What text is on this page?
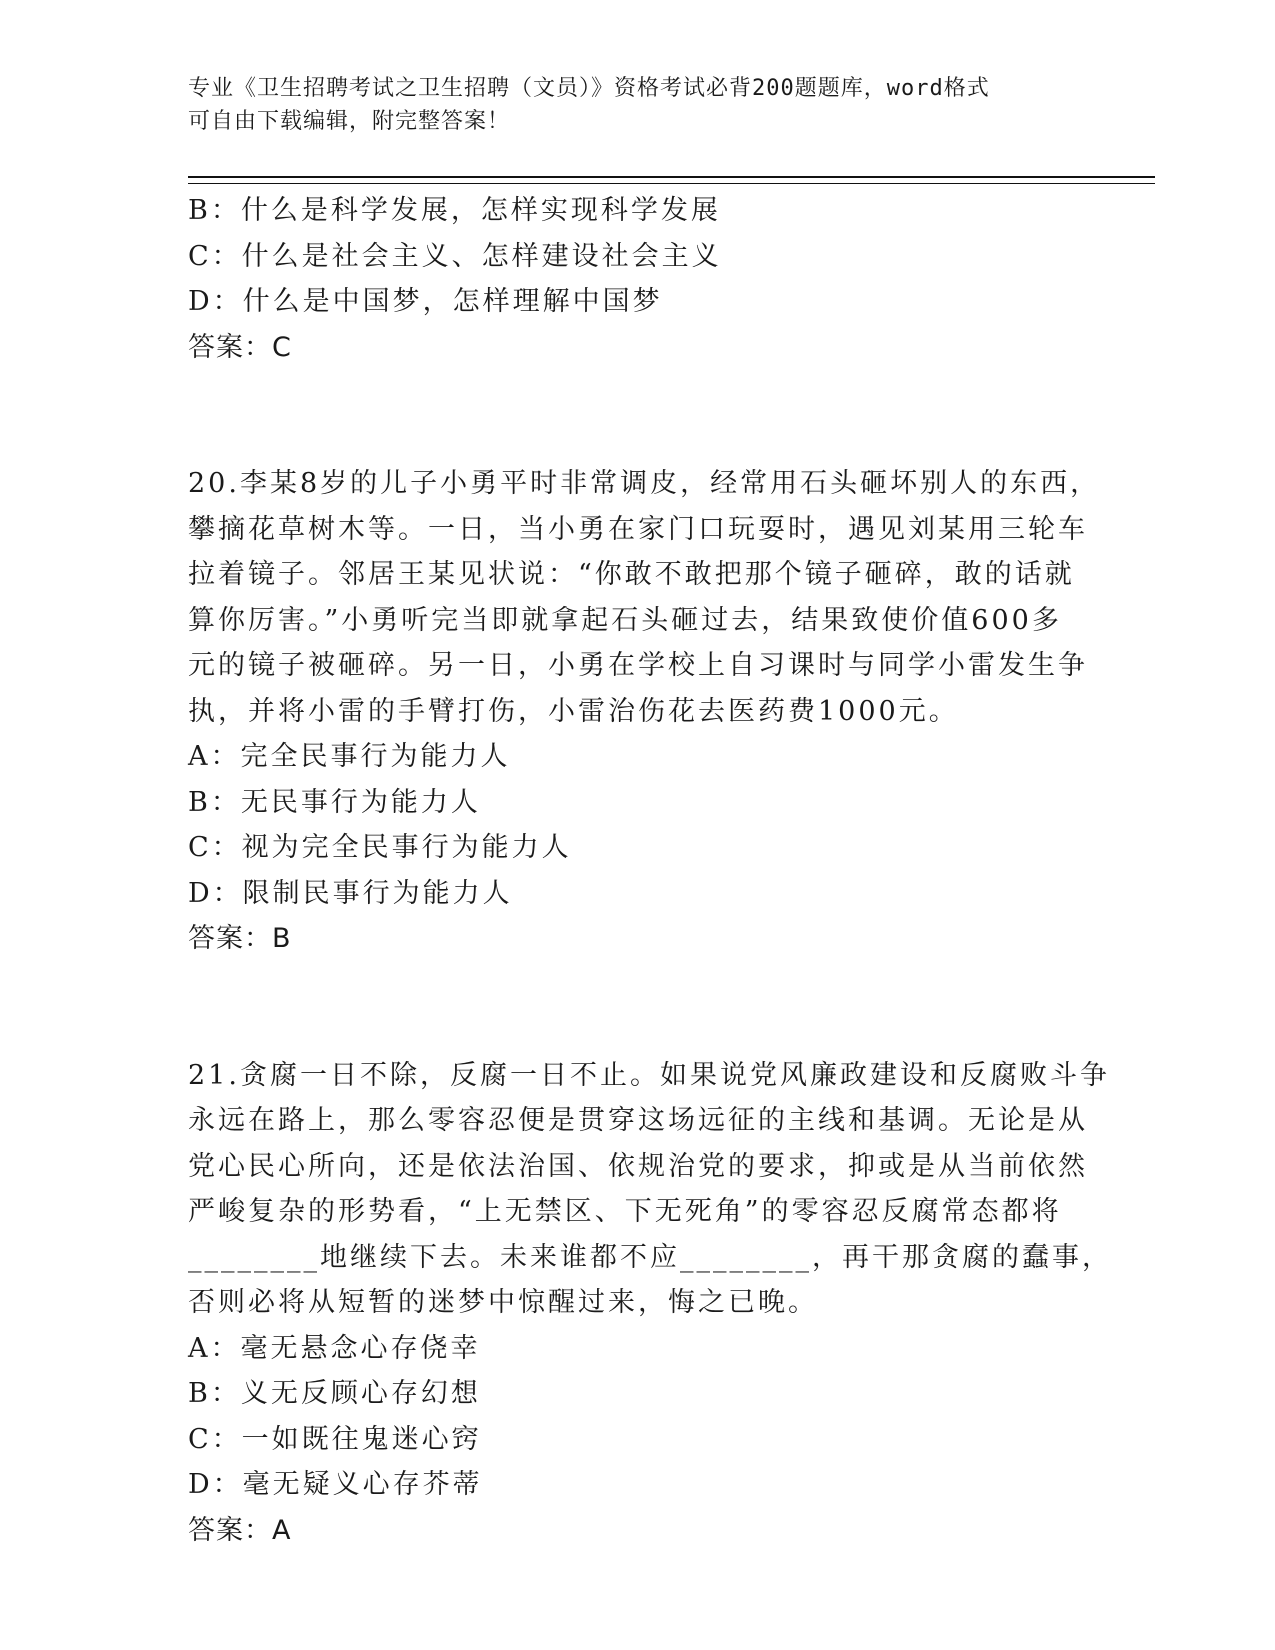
专业《卫生招聘考试之卫生招聘（文员）》资格考试必背200题题库，word格式
可自由下载编辑，附完整答案！
B：什么是科学发展，怎样实现科学发展
C：什么是社会主义、怎样建设社会主义
D：什么是中国梦，怎样理解中国梦
答案：C
20.李某8岁的儿子小勇平时非常调皮，经常用石头砸坏别人的东西，
攀摘花草树木等。一日，当小勇在家门口玩耍时，遇见刘某用三轮车
拉着镜子。邻居王某见状说：“你敢不敢把那个镜子砸碎，敢的话就
算你厉害。”小勇听完当即就拿起石头砸过去，结果致使价值600多
元的镜子被砸碎。另一日，小勇在学校上自习课时与同学小雷发生争
执，并将小雷的手臂打伤，小雷治伤花去医药费1000元。
A：完全民事行为能力人
B：无民事行为能力人
C：视为完全民事行为能力人
D：限制民事行为能力人
答案：B
21.贪腐一日不除，反腐一日不止。如果说党风廉政建设和反腐败斗争
永远在路上，那么零容忍便是贯穿这场远征的主线和基调。无论是从
党心民心所向，还是依法治国、依规治党的要求，抑或是从当前依然
严峻复杂的形势看，“上无禁区、下无死角”的零容忍反腐常态都将
________地继续下去。未来谁都不应________，再干那贪腐的蠢事，
否则必将从短暂的迷梦中惊醒过来，悔之已晚。
A：毫无悬念心存侥幸
B：义无反顾心存幻想
C：一如既往鬼迷心窍
D：毫无疑义心存芥蒂
答案：A
